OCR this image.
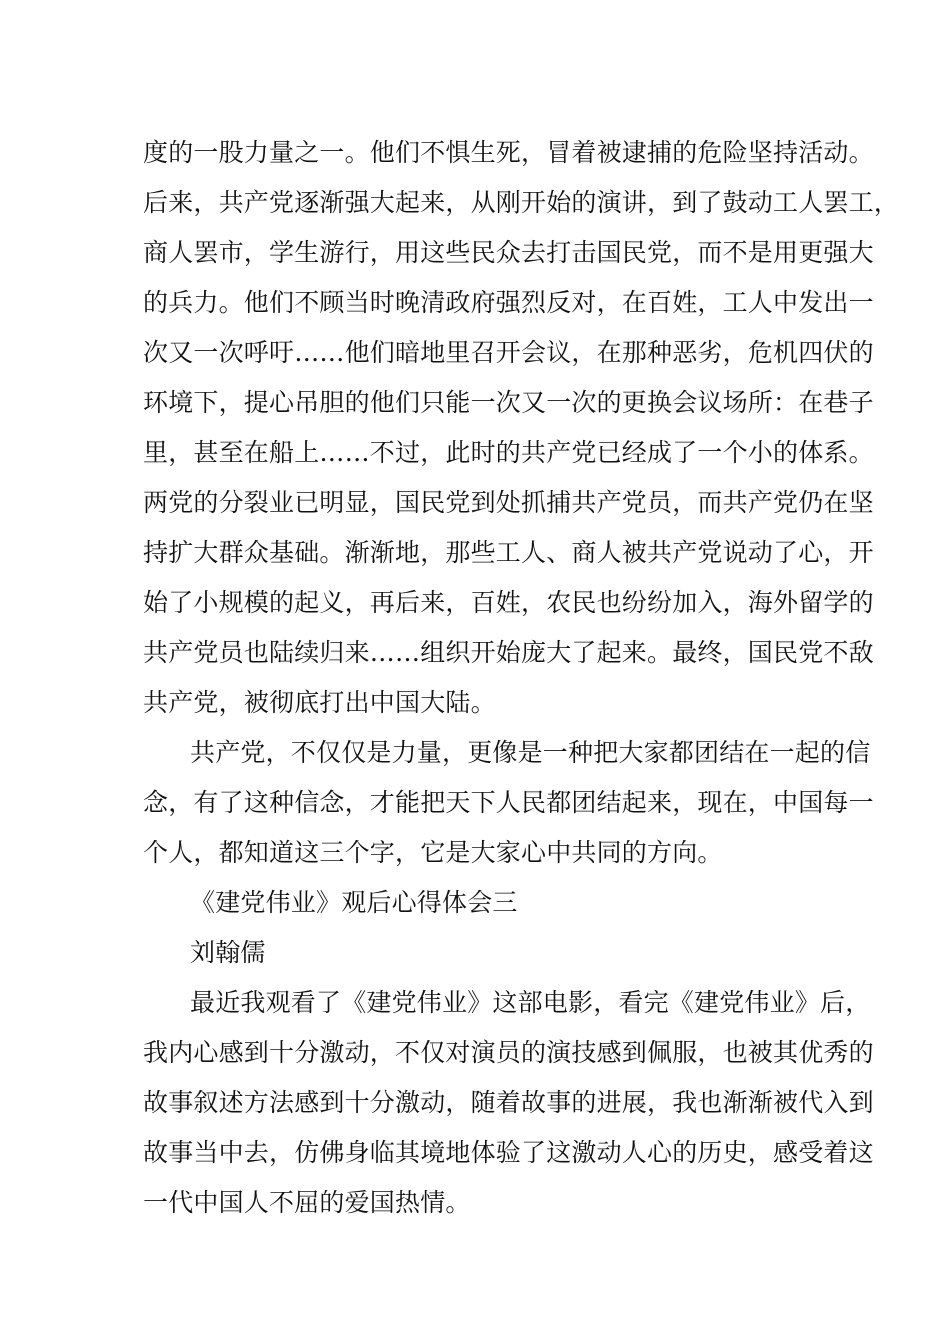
度的一股力量之一。他们不惧生死，冒着被逮捕的危险坚持活动。
后来，共产党逐渐强大起来，从刚开始的演讲，到了鼓动工人罢工，
商人罢市，学生游行，用这些民众去打击国民党，而不是用更强大
的兵力。他们不顾当时晚清政府强烈反对，在百姓，工人中发出一
次又一次呼吁……他们暗地里召开会议，在那种恶劣，危机四伏的
环境下，提心吊胆的他们只能一次又一次的更换会议场所：在巷子
里，甚至在船上……不过，此时的共产党已经成了一个小的体系。
两党的分裂业已明显，国民党到处抓捕共产党员，而共产党仍在坚
持扩大群众基础。渐渐地，那些工人、商人被共产党说动了心，开
始了小规模的起义，再后来，百姓，农民也纷纷加入，海外留学的
共产党员也陆续归来……组织开始庞大了起来。最终，国民党不敌
共产党，被彻底打出中国大陆。
共产党，不仅仅是力量，更像是一种把大家都团结在一起的信
念，有了这种信念，才能把天下人民都团结起来，现在，中国每一
个人，都知道这三个字，它是大家心中共同的方向。
《建党伟业》观后心得体会三
刘翰儒
最近我观看了《建党伟业》这部电影，看完《建党伟业》后，
我内心感到十分激动，不仅对演员的演技感到佩服，也被其优秀的
故事叙述方法感到十分激动，随着故事的进展，我也渐渐被代入到
故事当中去，仿佛身临其境地体验了这激动人心的历史，感受着这
一代中国人不屈的爱国热情。
